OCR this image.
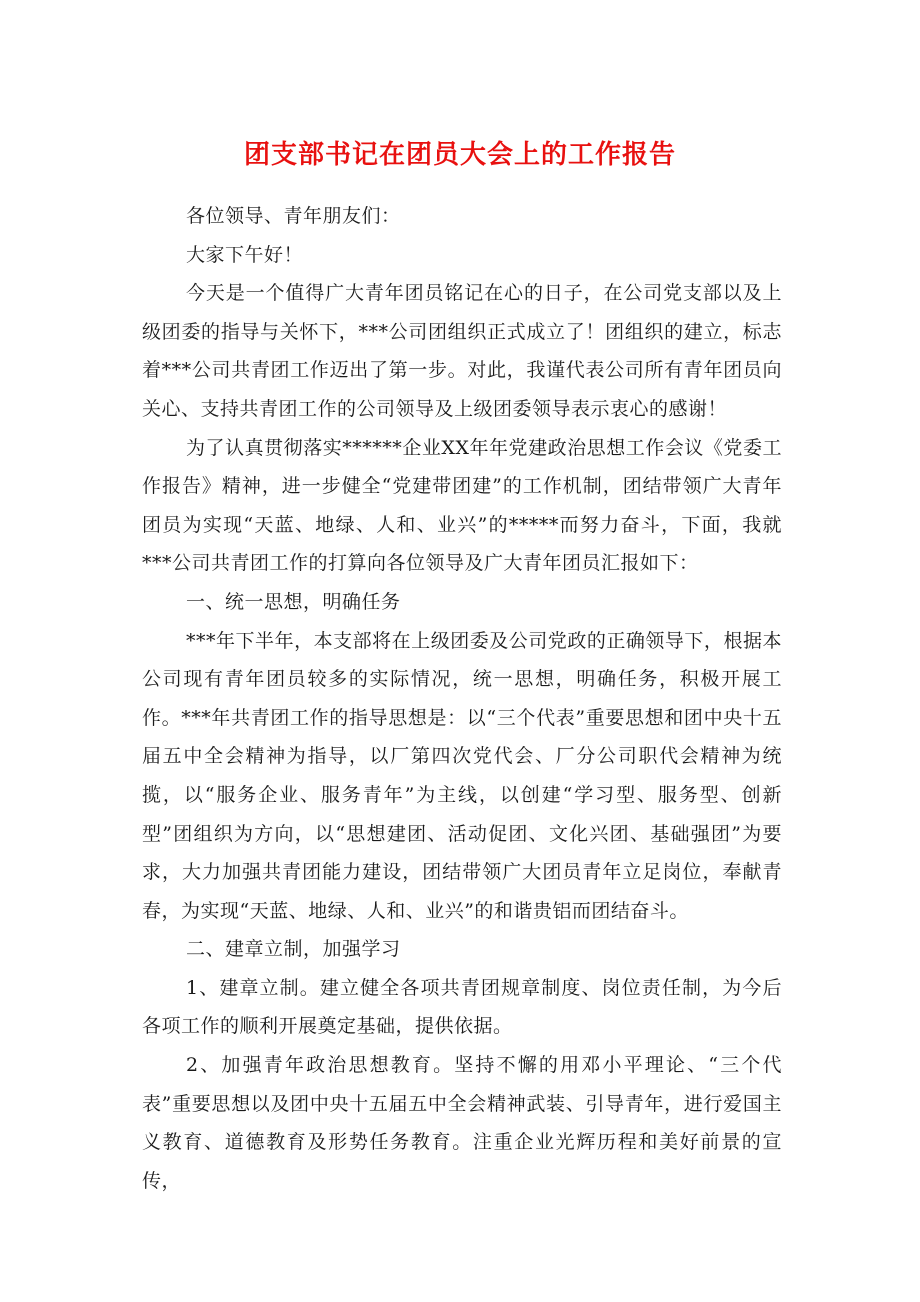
团支部书记在团员大会上的工作报告

各位领导、青年朋友们：

大家下午好！

今天是一个值得广大青年团员铭记在心的日子，在公司党支部以及上级团委的指导与关怀下，***公司团组织正式成立了！团组织的建立，标志着***公司共青团工作迈出了第一步。对此，我谨代表公司所有青年团员向关心、支持共青团工作的公司领导及上级团委领导表示衷心的感谢！

为了认真贯彻落实******企业XX年年党建政治思想工作会议《党委工作报告》精神，进一步健全“党建带团建”的工作机制，团结带领广大青年团员为实现“天蓝、地绿、人和、业兴”的*****而努力奋斗，下面，我就***公司共青团工作的打算向各位领导及广大青年团员汇报如下：

一、统一思想，明确任务

***年下半年，本支部将在上级团委及公司党政的正确领导下，根据本公司现有青年团员较多的实际情况，统一思想，明确任务，积极开展工作。***年共青团工作的指导思想是：以“三个代表”重要思想和团中央十五届五中全会精神为指导，以厂第四次党代会、厂分公司职代会精神为统揽，以“服务企业、服务青年”为主线，以创建“学习型、服务型、创新型”团组织为方向，以“思想建团、活动促团、文化兴团、基础强团”为要求，大力加强共青团能力建设，团结带领广大团员青年立足岗位，奉献青春，为实现“天蓝、地绿、人和、业兴”的和谐贵铝而团结奋斗。

二、建章立制，加强学习

1、建章立制。建立健全各项共青团规章制度、岗位责任制，为今后各项工作的顺利开展奠定基础，提供依据。

2、加强青年政治思想教育。坚持不懈的用邓小平理论、“三个代表”重要思想以及团中央十五届五中全会精神武装、引导青年，进行爱国主义教育、道德教育及形势任务教育。注重企业光辉历程和美好前景的宣传，
